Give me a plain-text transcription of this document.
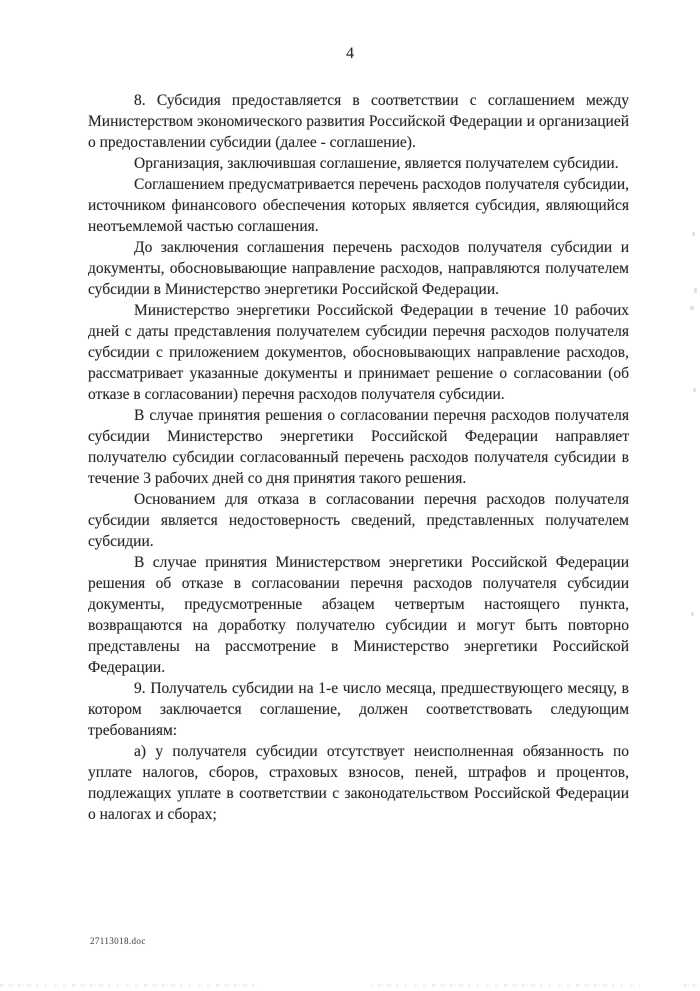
4

8. Субсидия предоставляется в соответствии с соглашением между Министерством экономического развития Российской Федерации и организацией о предоставлении субсидии (далее - соглашение).

Организация, заключившая соглашение, является получателем субсидии.

Соглашением предусматривается перечень расходов получателя субсидии, источником финансового обеспечения которых является субсидия, являющийся неотъемлемой частью соглашения.

До заключения соглашения перечень расходов получателя субсидии и документы, обосновывающие направление расходов, направляются получателем субсидии в Министерство энергетики Российской Федерации.

Министерство энергетики Российской Федерации в течение 10 рабочих дней с даты представления получателем субсидии перечня расходов получателя субсидии с приложением документов, обосновывающих направление расходов, рассматривает указанные документы и принимает решение о согласовании (об отказе в согласовании) перечня расходов получателя субсидии.

В случае принятия решения о согласовании перечня расходов получателя субсидии Министерство энергетики Российской Федерации направляет получателю субсидии согласованный перечень расходов получателя субсидии в течение 3 рабочих дней со дня принятия такого решения.

Основанием для отказа в согласовании перечня расходов получателя субсидии является недостоверность сведений, представленных получателем субсидии.

В случае принятия Министерством энергетики Российской Федерации решения об отказе в согласовании перечня расходов получателя субсидии документы, предусмотренные абзацем четвертым настоящего пункта, возвращаются на доработку получателю субсидии и могут быть повторно представлены на рассмотрение в Министерство энергетики Российской Федерации.

9. Получатель субсидии на 1-е число месяца, предшествующего месяцу, в котором заключается соглашение, должен соответствовать следующим требованиям:

а) у получателя субсидии отсутствует неисполненная обязанность по уплате налогов, сборов, страховых взносов, пеней, штрафов и процентов, подлежащих уплате в соответствии с законодательством Российской Федерации о налогах и сборах;

27113018.doc
